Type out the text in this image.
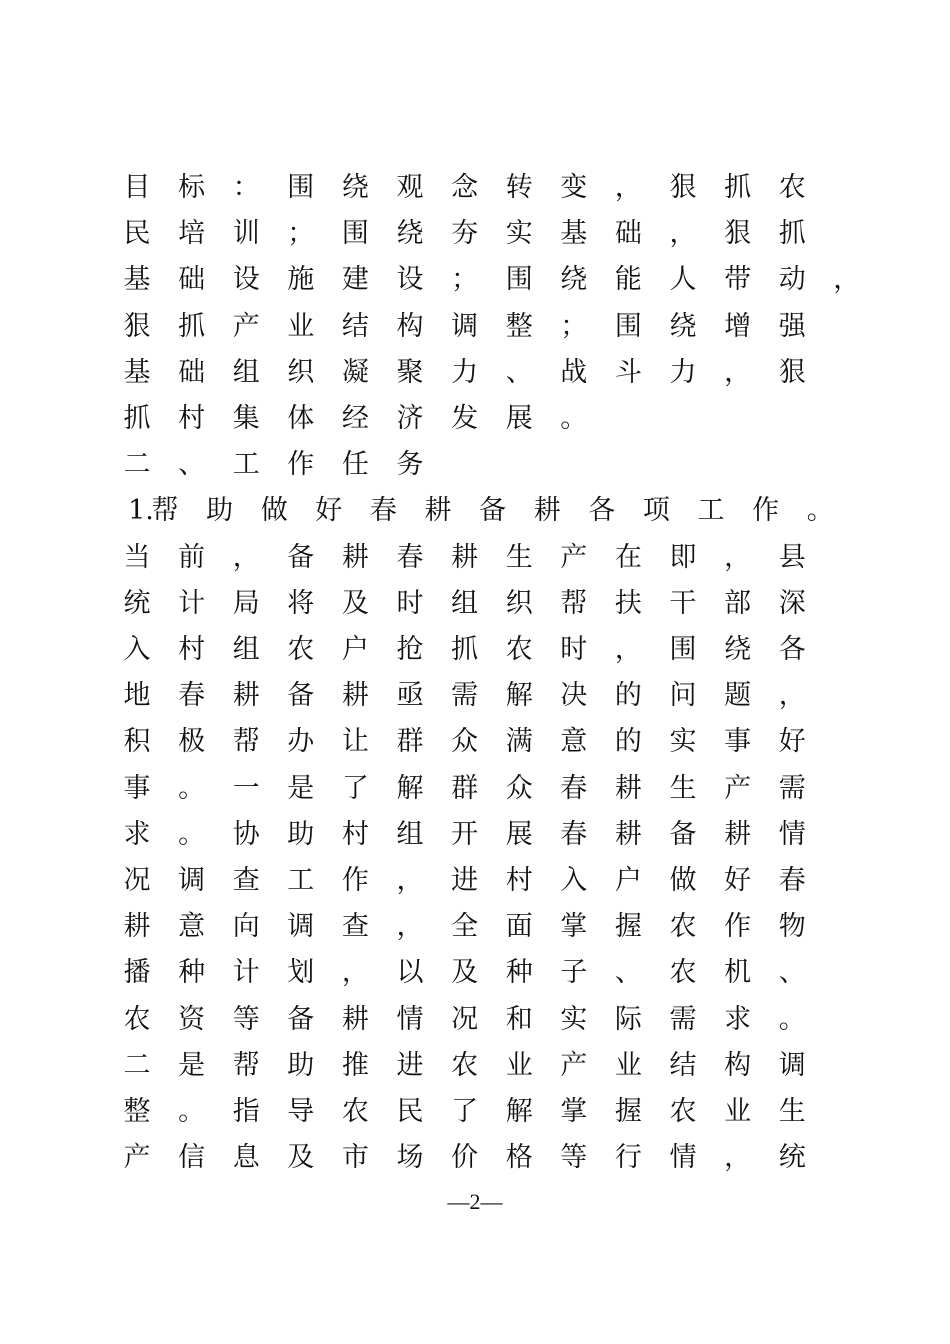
目 标 ： 围 绕 观 念 转 变 ， 狠 抓 农
民 培 训 ； 围 绕 夯 实 基 础 ， 狠 抓
基 础 设 施 建 设 ； 围 绕 能 人 带 动 ，
狠 抓 产 业 结 构 调 整 ； 围 绕 增 强
基 础 组 织 凝 聚 力 、 战 斗 力 ， 狠
抓 村 集 体 经 济 发 展 。
二 、 工 作 任 务
1.
帮 助 做 好 春 耕 备 耕 各 项 工 作 。
当 前 ， 备 耕 春 耕 生 产 在 即 ， 县
统 计 局 将 及 时 组 织 帮 扶 干 部 深
入 村 组 农 户 抢 抓 农 时 ， 围 绕 各
地 春 耕 备 耕 亟 需 解 决 的 问 题 ，
积 极 帮 办 让 群 众 满 意 的 实 事 好
事 。 一 是 了 解 群 众 春 耕 生 产 需
求 。 协 助 村 组 开 展 春 耕 备 耕 情
况 调 查 工 作 ， 进 村 入 户 做 好 春
耕 意 向 调 查 ， 全 面 掌 握 农 作 物
播 种 计 划 ， 以 及 种 子 、 农 机 、
农 资 等 备 耕 情 况 和 实 际 需 求 。
二 是 帮 助 推 进 农 业 产 业 结 构 调
整 。 指 导 农 民 了 解 掌 握 农 业 生
产 信 息 及 市 场 价 格 等 行 情 ， 统
—2—
